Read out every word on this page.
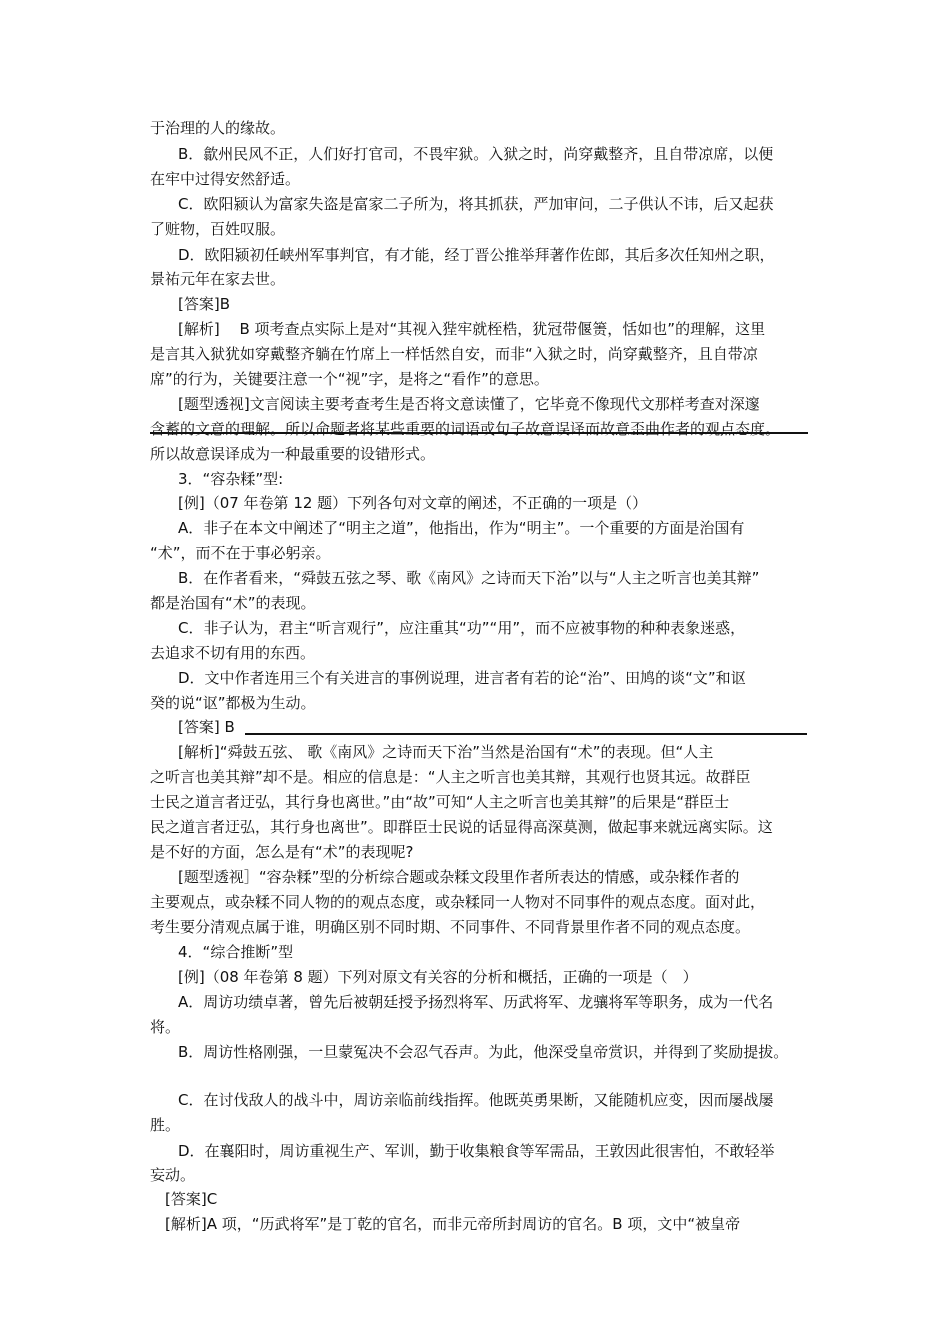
于治理的人的缘故。
B．歙州民风不正，人们好打官司，不畏牢狱。入狱之时，尚穿戴整齐，且自带凉席，以便
在牢中过得安然舒适。
C．欧阳颍认为富家失盗是富家二子所为，将其抓获，严加审问，二子供认不讳，后又起获
了赃物，百姓叹服。
D．欧阳颍初任峡州军事判官，有才能，经丁晋公推举拜著作佐郎，其后多次任知州之职，
景祐元年在家去世。
[答案]B
[解析]　 B 项考查点实际上是对“其视入狴牢就桎梏，犹冠带偃箦，恬如也”的理解，这里
是言其入狱犹如穿戴整齐躺在竹席上一样恬然自安，而非“入狱之时，尚穿戴整齐，且自带凉
席”的行为，关键要注意一个“视”字，是将之“看作”的意思。
[题型透视]文言阅读主要考查考生是否将文意读懂了，它毕竟不像现代文那样考查对深邃
含蓄的文意的理解。所以命题者将某些重要的词语或句子故意误译而故意歪曲作者的观点态度。
所以故意误译成为一种最重要的设错形式。
3．“容杂糅”型:
[例]（07 年卷第 12 题）下列各句对文章的阐述，不正确的一项是（）
A．非子在本文中阐述了“明主之道”，他指出，作为“明主”。一个重要的方面是治国有
“术”，而不在于事必躬亲。
B．在作者看来，“舜鼓五弦之琴、歌《南风》之诗而天下治”以与“人主之听言也美其辩”
都是治国有“术”的表现。
C．非子认为，君主“听言观行”，应注重其“功”“用”，而不应被事物的种种表象迷惑，
去追求不切有用的东西。
D．文中作者连用三个有关进言的事例说理，进言者有若的论“治”、田鸠的谈“文”和讴
癸的说“讴”都极为生动。
[答案] B
[解析]“舜鼓五弦、 歌《南风》之诗而天下治”当然是治国有“术”的表现。但“人主
之听言也美其辩”却不是。相应的信息是：“人主之听言也美其辩，其观行也贤其远。故群臣
士民之道言者迂弘，其行身也离世。”由“故”可知“人主之听言也美其辩”的后果是“群臣士
民之道言者迂弘，其行身也离世”。即群臣士民说的话显得高深莫测，做起事来就远离实际。这
是不好的方面，怎么是有“术”的表现呢?
[题型透视］“容杂糅”型的分析综合题或杂糅文段里作者所表达的情感，或杂糅作者的
主要观点，或杂糅不同人物的的观点态度，或杂糅同一人物对不同事件的观点态度。面对此，
考生要分清观点属于谁，明确区别不同时期、不同事件、不同背景里作者不同的观点态度。
4．“综合推断”型
[例]（08 年卷第 8 题）下列对原文有关容的分析和概括，正确的一项是（　）
A．周访功绩卓著，曾先后被朝廷授予扬烈将军、历武将军、龙骧将军等职务，成为一代名
将。
B．周访性格刚强，一旦蒙冤决不会忍气吞声。为此，他深受皇帝赏识，并得到了奖励提拔。
C．在讨伐敌人的战斗中，周访亲临前线指挥。他既英勇果断，又能随机应变，因而屡战屡
胜。
D．在襄阳时，周访重视生产、军训，勤于收集粮食等军需品，王敦因此很害怕，不敢轻举
妄动。
[答案]C
[解析]A 项，“历武将军”是丁乾的官名，而非元帝所封周访的官名。B 项，文中“被皇帝
